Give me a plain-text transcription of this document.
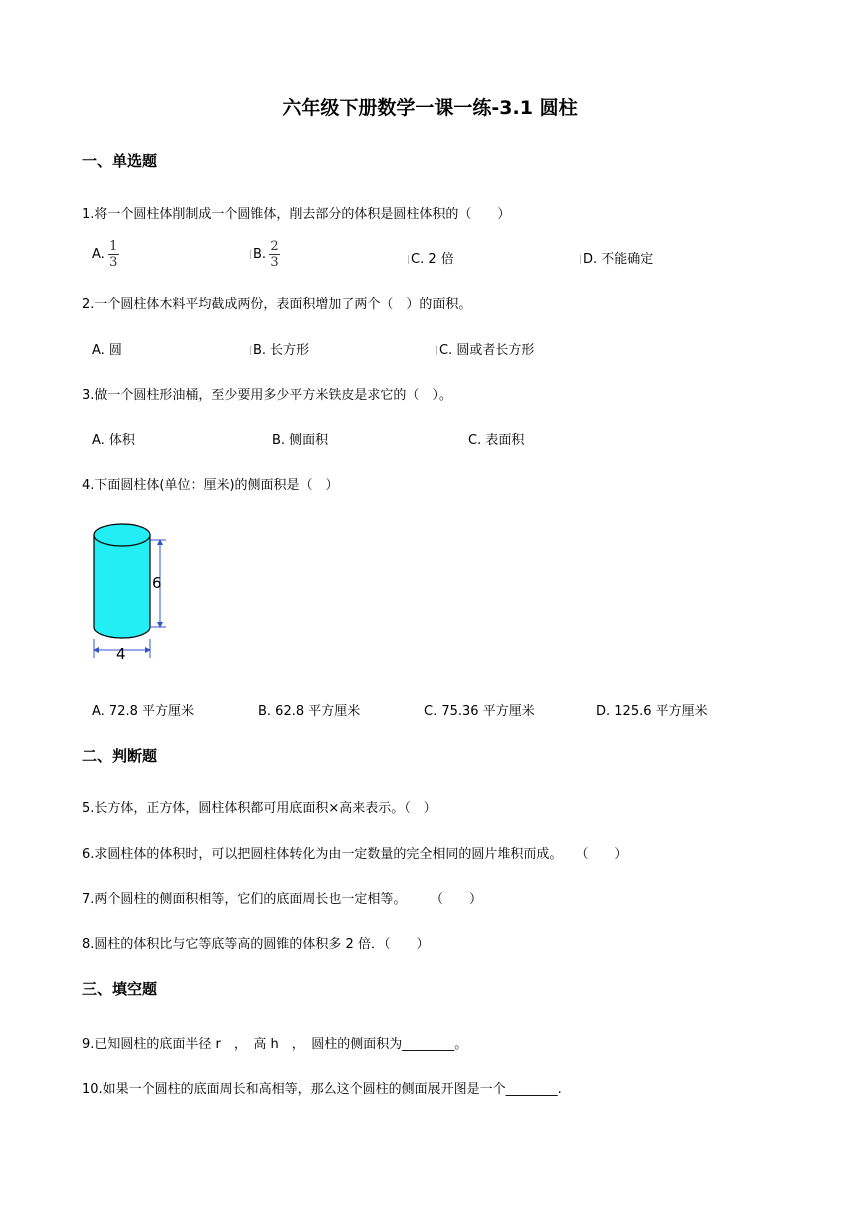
六年级下册数学一课一练-3.1 圆柱
一、单选题
1.将一个圆柱体削制成一个圆锥体，削去部分的体积是圆柱体积的（　　）
A. $\frac{1}{3}$	B. $\frac{2}{3}$	C. 2 倍	D. 不能确定
2.一个圆柱体木料平均截成两份，表面积增加了两个（　）的面积。
A. 圆	B. 长方形	C. 圆或者长方形
3.做一个圆柱形油桶，至少要用多少平方米铁皮是求它的（　）。
A. 体积	B. 侧面积	C. 表面积
4.下面圆柱体(单位：厘米)的侧面积是（　）
6
4
A. 72.8 平方厘米	B. 62.8 平方厘米	C. 75.36 平方厘米	D. 125.6 平方厘米
二、判断题
5.长方体，正方体，圆柱体积都可用底面积×高来表示。（　）
6.求圆柱体的体积时，可以把圆柱体转化为由一定数量的完全相同的圆片堆积而成。　　（　　）
7.两个圆柱的侧面积相等，它们的底面周长也一定相等。　　 （　　）
8.圆柱的体积比与它等底等高的圆锥的体积多 2 倍．（　　）
三、填空题
9.已知圆柱的底面半径 r　，　高 h　，　圆柱的侧面积为________。
10.如果一个圆柱的底面周长和高相等，那么这个圆柱的侧面展开图是一个________.
